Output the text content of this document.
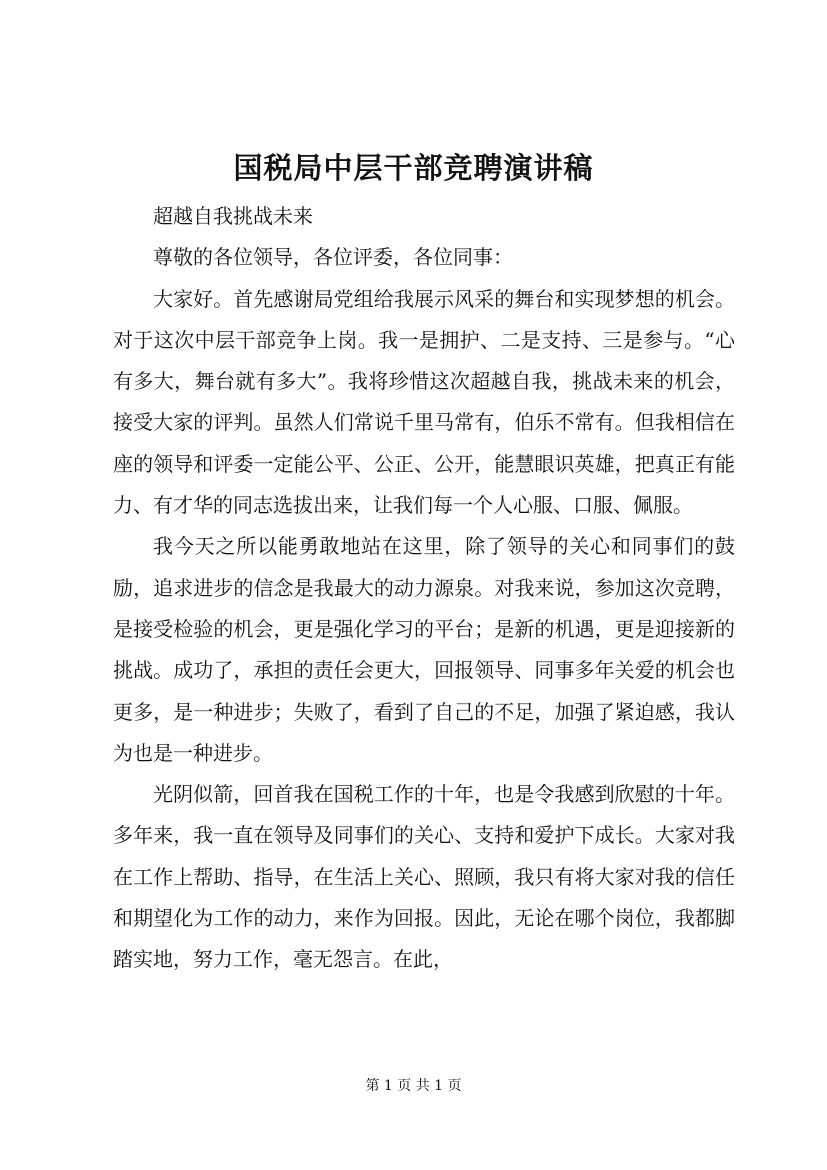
国税局中层干部竞聘演讲稿

超越自我挑战未来

尊敬的各位领导，各位评委，各位同事：

大家好。首先感谢局党组给我展示风采的舞台和实现梦想的机会。对于这次中层干部竞争上岗。我一是拥护、二是支持、三是参与。“心有多大，舞台就有多大”。我将珍惜这次超越自我，挑战未来的机会，接受大家的评判。虽然人们常说千里马常有，伯乐不常有。但我相信在座的领导和评委一定能公平、公正、公开，能慧眼识英雄，把真正有能力、有才华的同志选拔出来，让我们每一个人心服、口服、佩服。

我今天之所以能勇敢地站在这里，除了领导的关心和同事们的鼓励，追求进步的信念是我最大的动力源泉。对我来说，参加这次竞聘，是接受检验的机会，更是强化学习的平台；是新的机遇，更是迎接新的挑战。成功了，承担的责任会更大，回报领导、同事多年关爱的机会也更多，是一种进步；失败了，看到了自己的不足，加强了紧迫感，我认为也是一种进步。

光阴似箭，回首我在国税工作的十年，也是令我感到欣慰的十年。多年来，我一直在领导及同事们的关心、支持和爱护下成长。大家对我在工作上帮助、指导，在生活上关心、照顾，我只有将大家对我的信任和期望化为工作的动力，来作为回报。因此，无论在哪个岗位，我都脚踏实地，努力工作，毫无怨言。在此，

第 1 页 共 1 页
